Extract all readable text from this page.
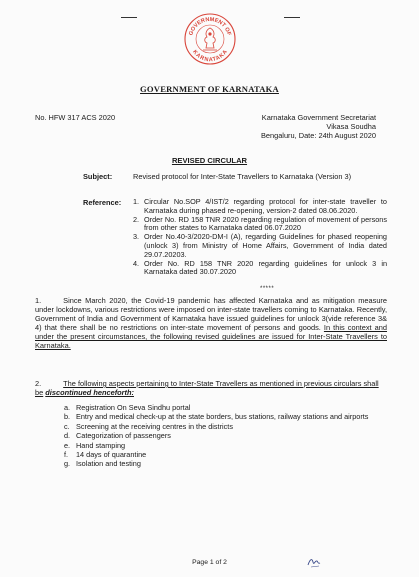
GOVERNMENT OF
KARNATAKA
GOVERNMENT OF KARNATAKA
No. HFW 317 ACS 2020	Karnataka Government Secretariat
Vikasa Soudha
Bengaluru, Date: 24th August 2020
REVISED CIRCULAR
Subject:	Revised protocol for Inter-State Travellers to Karnataka (Version 3)
Reference: 1. Circular No.SOP 4/IST/2 regarding protocol for inter-state traveller to Karnataka during phased re-opening, version-2 dated 08.06.2020.
2. Order No. RD 158 TNR 2020 regarding regulation of movement of persons from other states to Karnataka dated 06.07.2020
3. Order No.40-3/2020-DM-I (A), regarding Guidelines for phased reopening (unlock 3) from Ministry of Home Affairs, Government of India dated 29.07.20203.
4. Order No. RD 158 TNR 2020 regarding guidelines for unlock 3 in Karnataka dated 30.07.2020
*****

1.	Since March 2020, the Covid-19 pandemic has affected Karnataka and as mitigation measure under lockdowns, various restrictions were imposed on inter-state travellers coming to Karnataka. Recently, Government of India and Government of Karnataka have issued guidelines for unlock 3(vide reference 3& 4) that there shall be no restrictions on inter-state movement of persons and goods. In this context and under the present circumstances, the following revised guidelines are issued for Inter-State Travellers to Karnataka.

2.	The following aspects pertaining to Inter-State Travellers as mentioned in previous circulars shall be discontinued henceforth:

a. Registration On Seva Sindhu portal
b. Entry and medical check-up at the state borders, bus stations, railway stations and airports
c. Screening at the receiving centres in the districts
d. Categorization of passengers
e. Hand stamping
f.	14 days of quarantine
g. Isolation and testing
Page 1 of 2
